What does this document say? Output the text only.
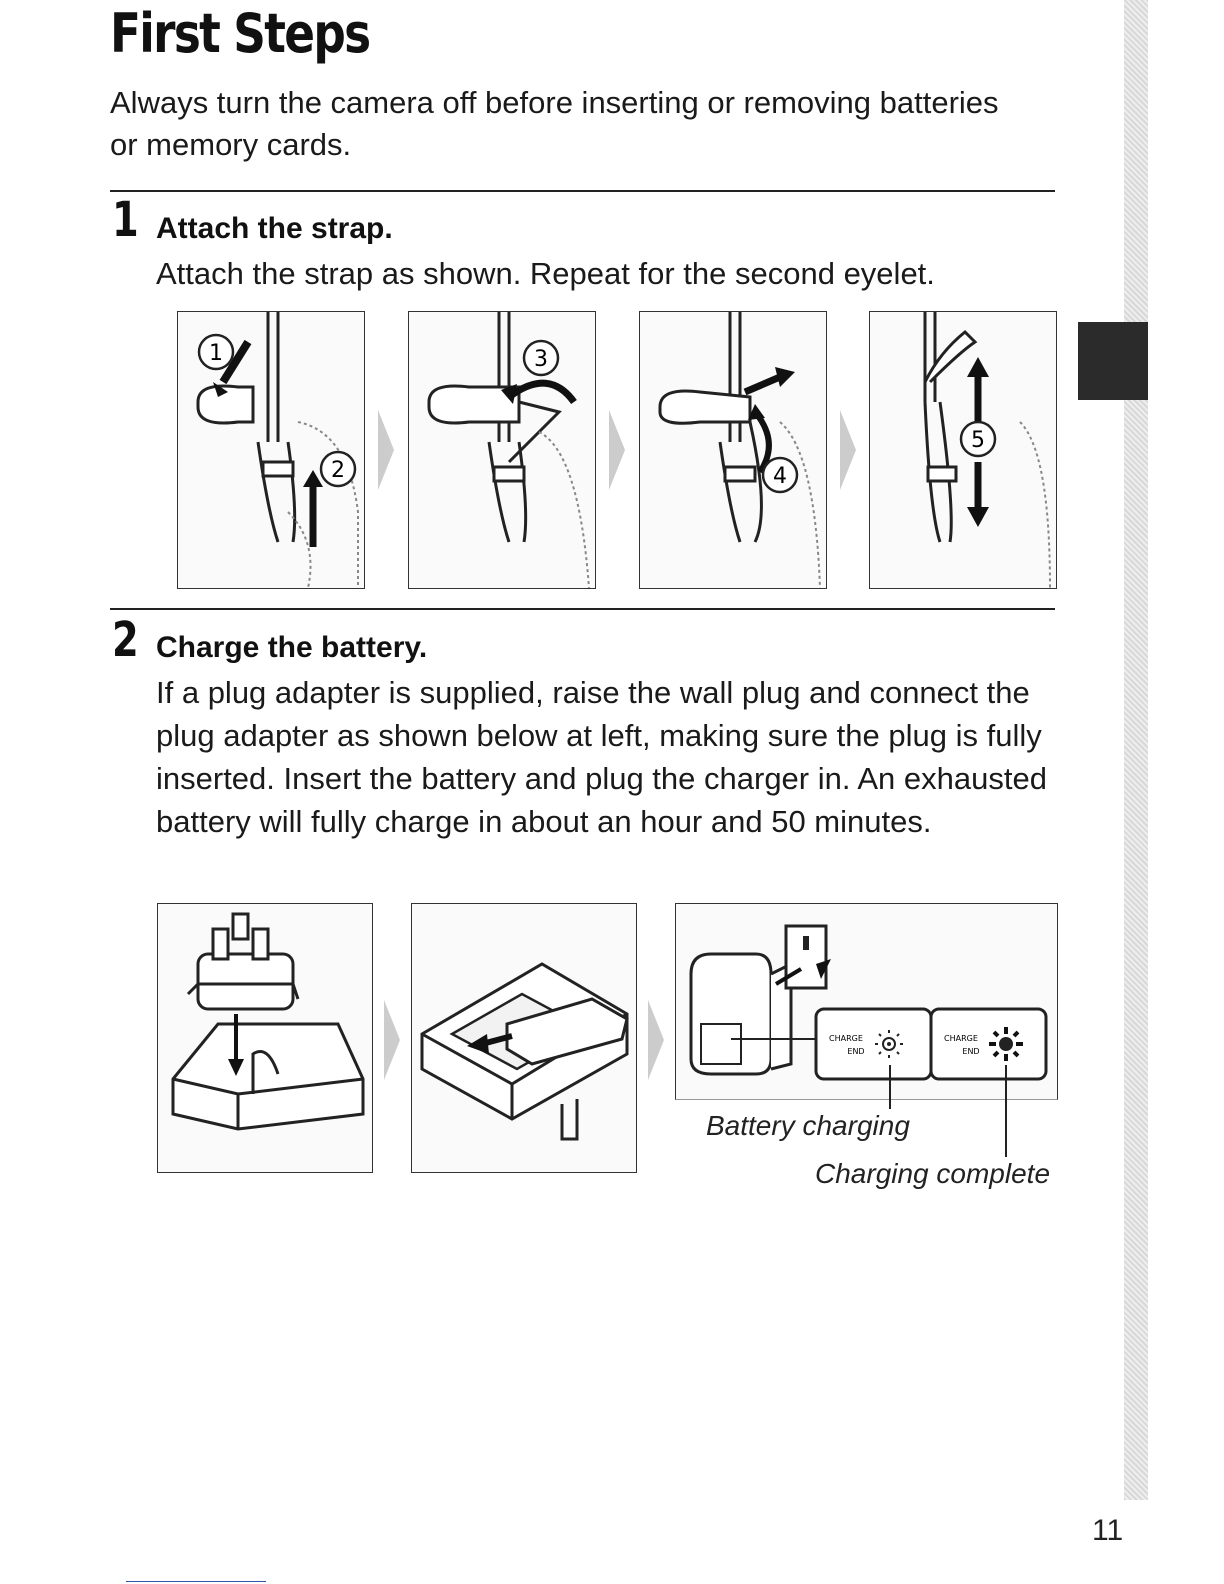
First Steps

Always turn the camera off before inserting or removing batteries or memory cards.

1 Attach the strap.

Attach the strap as shown. Repeat for the second eyelet.

1
2
3
4
5
2 Charge the battery.

If a plug adapter is supplied, raise the wall plug and connect the plug adapter as shown below at left, making sure the plug is fully inserted. Insert the battery and plug the charger in. An exhausted battery will fully charge in about an hour and 50 minutes.

CHARGE
END
CHARGE
END

Battery charging

Charging complete

11
